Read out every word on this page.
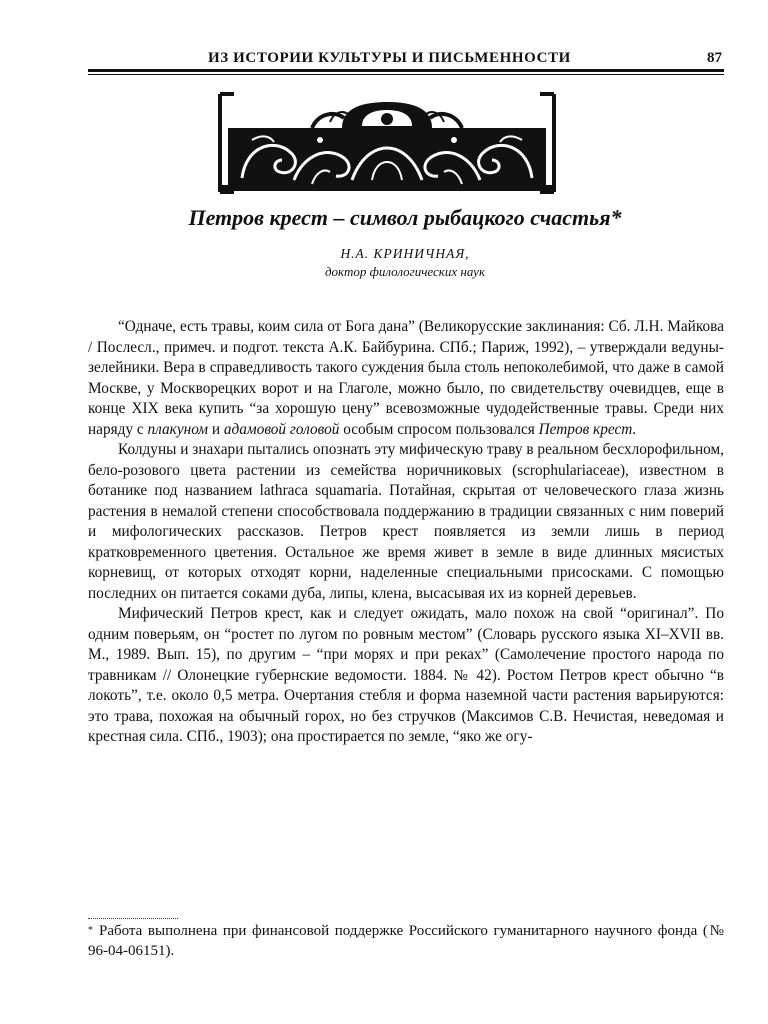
ИЗ ИСТОРИИ КУЛЬТУРЫ И ПИСЬМЕННОСТИ	87
Петров крест – символ рыбацкого счастья*
Н.А. КРИНИЧНАЯ,
доктор филологических наук

“Одначе, есть травы, коим сила от Бога дана” (Великорусские заклинания: Сб. Л.Н. Майкова / Послесл., примеч. и подгот. текста А.К. Байбурина. СПб.; Париж, 1992), – утверждали ведуны-зелейники. Вера в справедливость такого суждения была столь непоколебимой, что даже в самой Москве, у Москворецких ворот и на Глаголе, можно было, по свидетельству очевидцев, еще в конце XIX века купить “за хорошую цену” всевозможные чудодейственные травы. Среди них наряду с плакуном и адамовой головой особым спросом пользовался Петров крест.

Колдуны и знахари пытались опознать эту мифическую траву в реальном бесхлорофильном, бело-розового цвета растении из семейства норичниковых (scrophulariaceae), известном в ботанике под названием lathraca squamaria. Потайная, скрытая от человеческого глаза жизнь растения в немалой степени способствовала поддержанию в традиции связанных с ним поверий и мифологических рассказов. Петров крест появляется из земли лишь в период кратковременного цветения. Остальное же время живет в земле в виде длинных мясистых корневищ, от которых отходят корни, наделенные специальными присосками. С помощью последних он питается соками дуба, липы, клена, высасывая их из корней деревьев.

Мифический Петров крест, как и следует ожидать, мало похож на свой “оригинал”. По одним поверьям, он “ростет по лугом по ровным местом” (Словарь русского языка XI–XVII вв. М., 1989. Вып. 15), по другим – “при морях и при реках” (Самолечение простого народа по травникам // Олонецкие губернские ведомости. 1884. № 42). Ростом Петров крест обычно “в локоть”, т.е. около 0,5 метра. Очертания стебля и форма наземной части растения варьируются: это трава, похожая на обычный горох, но без стручков (Максимов С.В. Нечистая, неведомая и крестная сила. СПб., 1903); она простирается по земле, “яко же огу-

* Работа выполнена при финансовой поддержке Российского гуманитарного научного фонда (№ 96-04-06151).
